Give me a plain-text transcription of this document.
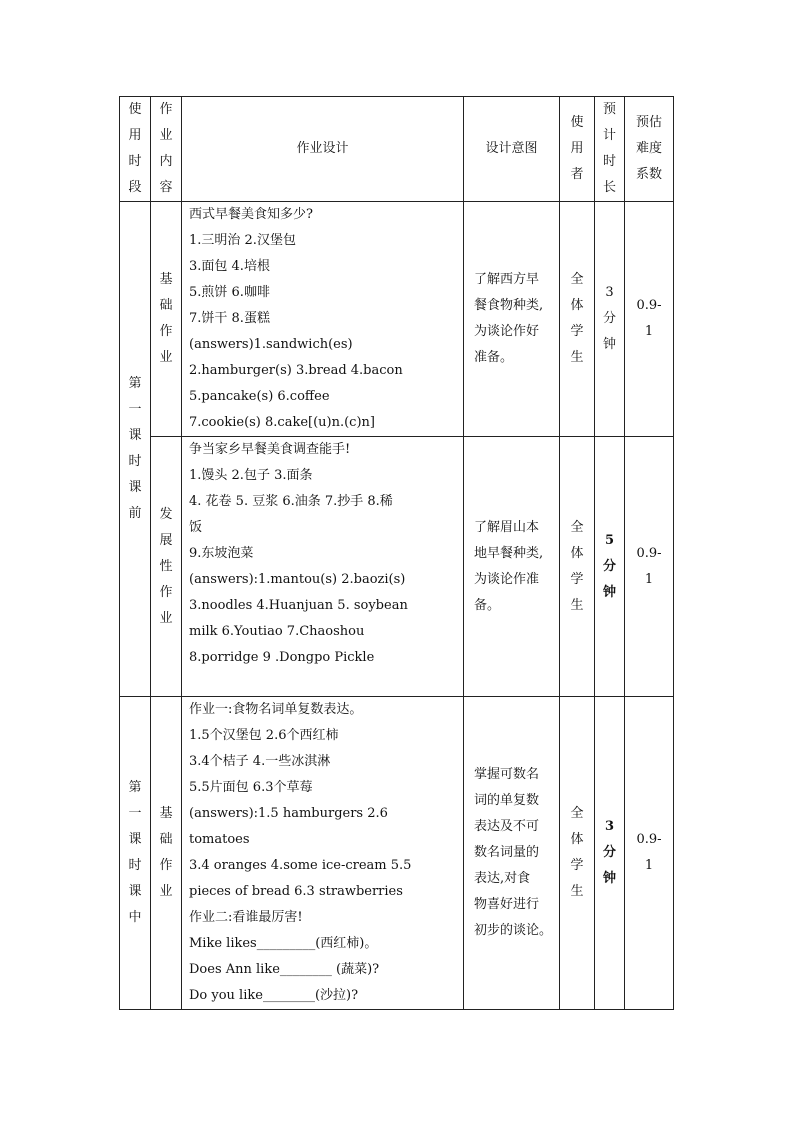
使用时段
作业内容
作业设计	设计意图
使用者
预计时长
预估难度系数
第一课时课前
第一课时课中
基础作业
西式早餐美食知多少?
1.三明治 2.汉堡包
3.面包 4.培根
5.煎饼 6.咖啡
7.饼干 8.蛋糕
(answers)1.sandwich(es)
2.hamburger(s) 3.bread 4.bacon
5.pancake(s) 6.coffee
7.cookie(s) 8.cake[(u)n.(c)n]
了解西方早
餐食物种类,
为谈论作好
准备。
全体学生
3分钟
0.9-1
发展性作业
争当家乡早餐美食调查能手!
1.馒头 2.包子 3.面条
4. 花卷 5. 豆浆 6.油条 7.抄手 8.稀
饭
9.东坡泡菜
(answers):1.mantou(s) 2.baozi(s)
3.noodles 4.Huanjuan 5. soybean
milk 6.Youtiao 7.Chaoshou
8.porridge 9 .Dongpo Pickle
了解眉山本
地早餐种类,
为谈论作准
备。
全体学生
5分钟
0.9-1
基础作业
作业一:食物名词单复数表达。
1.5个汉堡包 2.6个西红柿
3.4个桔子 4.一些冰淇淋
5.5片面包 6.3个草莓
(answers):1.5 hamburgers 2.6
tomatoes
3.4 oranges 4.some ice-cream 5.5
pieces of bread 6.3 strawberries
作业二:看谁最厉害!
Mike likes_________(西红柿)。
Does Ann like________ (蔬菜)?
Do you like________(沙拉)?
掌握可数名
词的单复数
表达及不可
数名词量的
表达,对食
物喜好进行
初步的谈论。
全体学生
3分钟
0.9-1
